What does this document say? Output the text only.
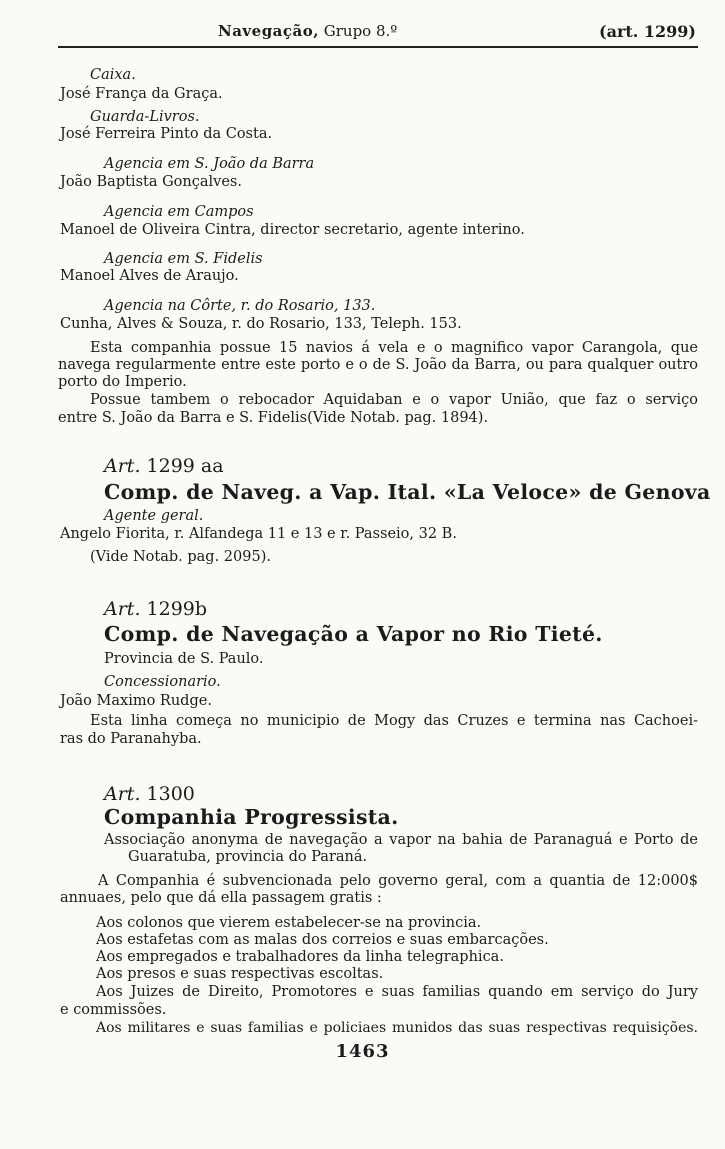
Navegação, Grupo 8.º	(art. 1299)
Caixa.
José França da Graça.
Guarda-Livros.
José Ferreira Pinto da Costa.
Agencia em S. João da Barra
João Baptista Gonçalves.
Agencia em Campos
Manoel de Oliveira Cintra, director secretario, agente interino.
Agencia em S. Fidelis
Manoel Alves de Araujo.
Agencia na Côrte, r. do Rosario, 133.
Cunha, Alves & Souza, r. do Rosario, 133, Teleph. 153.
Esta companhia possue 15 navios á vela e o magnifico vapor Carangola, que
navega regularmente entre este porto e o de S. João da Barra, ou para qualquer outro
porto do Imperio.
Possue tambem o rebocador Aquidaban e o vapor União, que faz o serviço
entre S. João da Barra e S. Fidelis(Vide Notab. pag. 1894).
Art. 1299 aa
Comp. de Naveg. a Vap. Ital. «La Veloce» de Genova
Agente geral.
Angelo Fiorita, r. Alfandega 11 e 13 e r. Passeio, 32 B.
(Vide Notab. pag. 2095).
Art. 1299b
Comp. de Navegação a Vapor no Rio Tieté.
Provincia de S. Paulo.
Concessionario.
João Maximo Rudge.
Esta linha começa no municipio de Mogy das Cruzes e termina nas Cachoei-
ras do Paranahyba.
Art. 1300
Companhia Progressista.
Associação anonyma de navegação a vapor na bahia de Paranaguá e Porto de
Guaratuba, provincia do Paraná.
A Companhia é subvencionada pelo governo geral, com a quantia de 12:000$
annuaes, pelo que dá ella passagem gratis :
Aos colonos que vierem estabelecer-se na provincia.
Aos estafetas com as malas dos correios e suas embarcações.
Aos empregados e trabalhadores da linha telegraphica.
Aos presos e suas respectivas escoltas.
Aos Juizes de Direito, Promotores e suas familias quando em serviço do Jury
e commissões.
Aos militares e suas familias e policiaes munidos das suas respectivas requisições.
1463
